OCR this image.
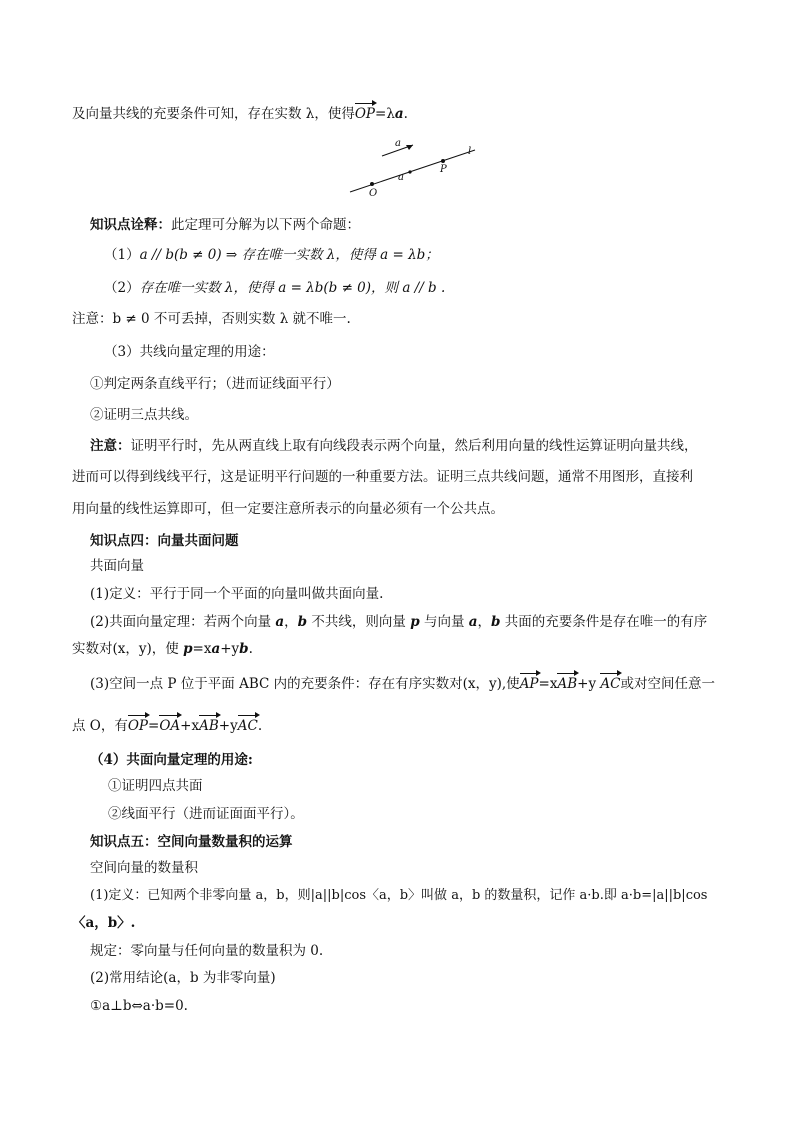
及向量共线的充要条件可知，存在实数 λ，使得OP=λa.
a
a
P
l
O
知识点诠释：此定理可分解为以下两个命题：
（1）a // b(b ≠ 0) ⇒ 存在唯一实数 λ，使得 a = λb；
（2）存在唯一实数 λ，使得 a = λb(b ≠ 0)，则 a // b .
注意：b ≠ 0 不可丢掉，否则实数 λ 就不唯一.
（3）共线向量定理的用途：
①判定两条直线平行；（进而证线面平行）
②证明三点共线。
注意：证明平行时，先从两直线上取有向线段表示两个向量，然后利用向量的线性运算证明向量共线，
进而可以得到线线平行，这是证明平行问题的一种重要方法。证明三点共线问题，通常不用图形，直接利
用向量的线性运算即可，但一定要注意所表示的向量必须有一个公共点。
知识点四：向量共面问题
共面向量
(1)定义：平行于同一个平面的向量叫做共面向量.
(2)共面向量定理：若两个向量 a，b 不共线，则向量 p 与向量 a，b 共面的充要条件是存在唯一的有序
实数对(x，y)，使 p=xa+yb.
(3)空间一点 P 位于平面 ABC 内的充要条件：存在有序实数对(x，y),使AP=xAB+y AC或对空间任意一
点 O，有OP=OA+xAB+yAC.
（4）共面向量定理的用途:
①证明四点共面
②线面平行（进而证面面平行）。
知识点五：空间向量数量积的运算
空间向量的数量积
(1)定义：已知两个非零向量 a，b，则|a||b|cos〈a，b〉叫做 a，b 的数量积，记作 a·b.即 a·b=|a||b|cos
〈a，b〉.
规定：零向量与任何向量的数量积为 0.
(2)常用结论(a，b 为非零向量)
①a⊥b⇔a·b=0.
